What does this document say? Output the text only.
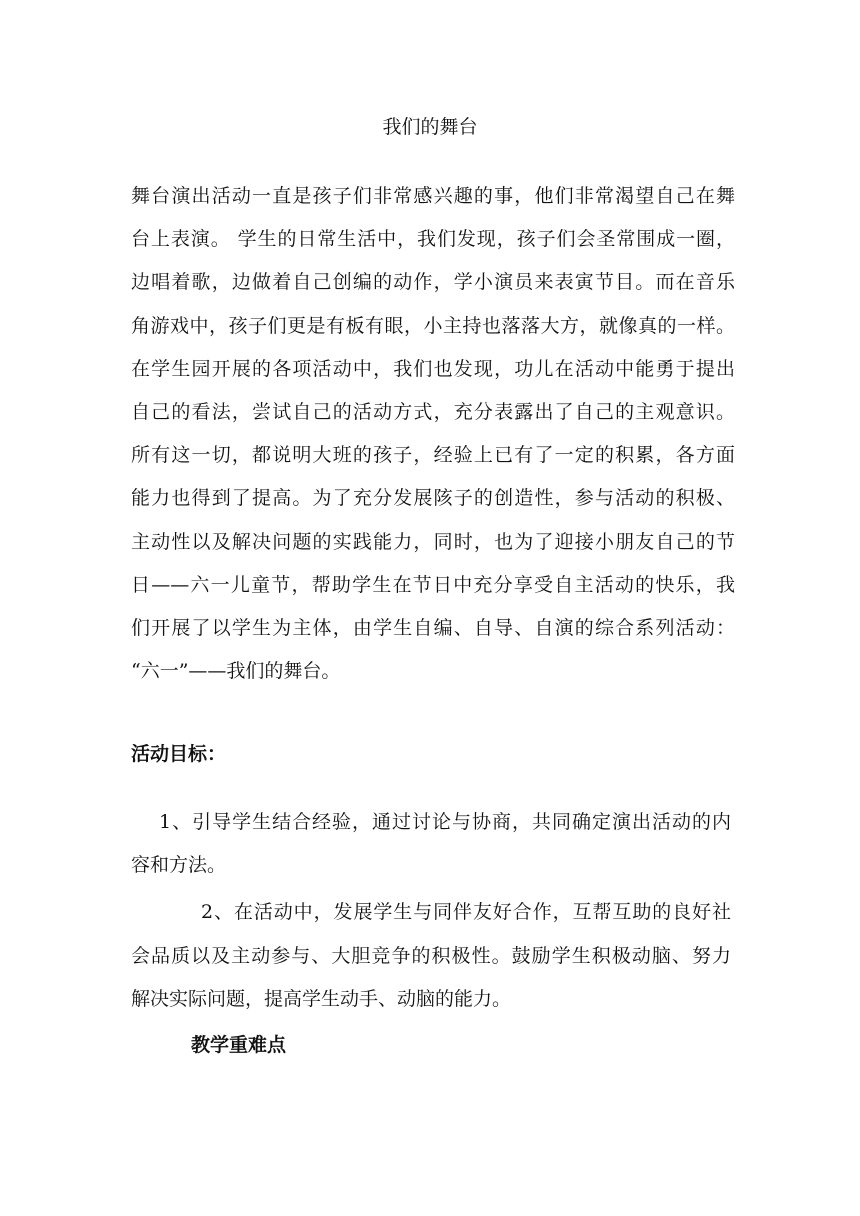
我们的舞台

舞台演出活动一直是孩子们非常感兴趣的事，他们非常渴望自己在舞
台上表演。 学生的日常生活中，我们发现，孩子们会圣常围成一圈，
边唱着歌，边做着自己创编的动作，学小演员来表寅节目。而在音乐
角游戏中，孩子们更是有板有眼，小主持也落落大方，就像真的一样。
在学生园开展的各项活动中，我们也发现，功儿在活动中能勇于提出
自己的看法，尝试自己的活动方式，充分表露出了自己的主观意识。
所有这一切，都说明大班的孩子，经验上已有了一定的积累，各方面
能力也得到了提高。为了充分发展陔子的创造性，参与活动的积极、
主动性以及解决问题的实践能力，同时，也为了迎接小朋友自己的节
日——六一儿童节，帮助学生在节日中充分享受自主活动的快乐，我
们开展了以学生为主体，由学生自编、自导、自演的综合系列活动：
“六一”——我们的舞台。

活动目标：

1、引导学生结合经验，通过讨论与协商，共同确定演出活动的内
容和方法。

2、在活动中，发展学生与同伴友好合作，互帮互助的良好社
会品质以及主动参与、大胆竞争的积极性。鼓励学生积极动脑、努力
解决实际问题，提高学生动手、动脑的能力。

教学重难点
